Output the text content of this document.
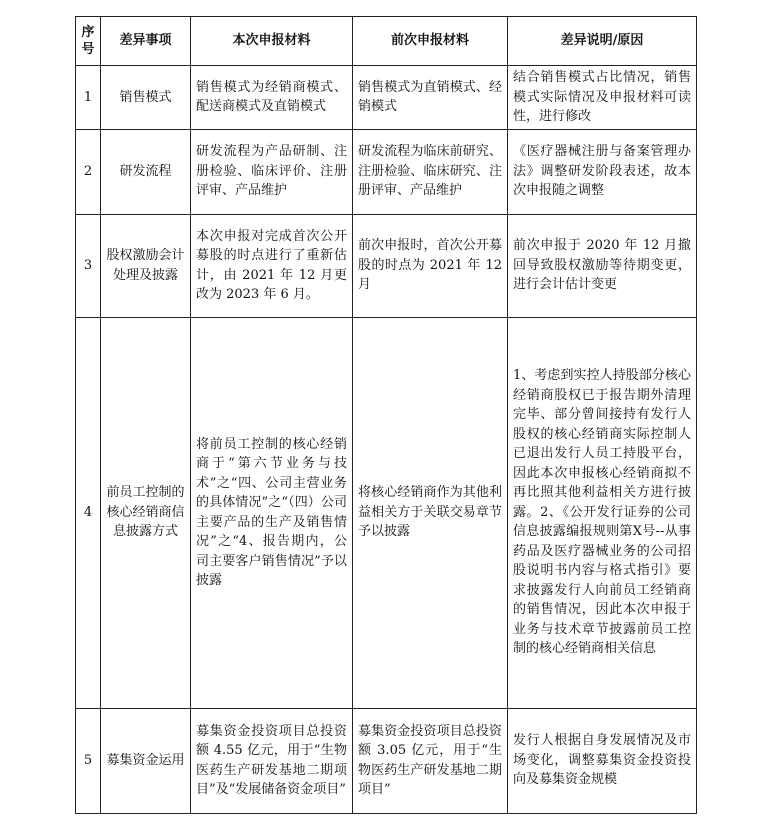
序号	差异事项	本次申报材料	前次申报材料	差异说明/原因
1	销售模式	销售模式为经销商模式、配送商模式及直销模式	销售模式为直销模式、经销模式	结合销售模式占比情况，销售模式实际情况及申报材料可读性，进行修改
2	研发流程	研发流程为产品研制、注册检验、临床评价、注册评审、产品维护	研发流程为临床前研究、注册检验、临床研究、注册评审、产品维护	《医疗器械注册与备案管理办法》调整研发阶段表述，故本次申报随之调整
3	股权激励会计处理及披露	本次申报对完成首次公开募股的时点进行了重新估计，由 2021 年 12 月更改为 2023 年 6 月。	前次申报时，首次公开募股的时点为 2021 年 12 月	前次申报于 2020 年 12 月撤回导致股权激励等待期变更，进行会计估计变更
4	前员工控制的核心经销商信息披露方式	将前员工控制的核心经销商于“第六节业务与技术”之“四、公司主营业务的具体情况”之“（四）公司主要产品的生产及销售情况”之“4、报告期内，公司主要客户销售情况”予以披露	将核心经销商作为其他利益相关方于关联交易章节予以披露	1、考虑到实控人持股部分核心经销商股权已于报告期外清理完毕、部分曾间接持有发行人股权的核心经销商实际控制人已退出发行人员工持股平台，因此本次申报核心经销商拟不再比照其他利益相关方进行披露。2、《公开发行证券的公司信息披露编报规则第X号--从事药品及医疗器械业务的公司招股说明书内容与格式指引》要求披露发行人向前员工经销商的销售情况，因此本次申报于业务与技术章节披露前员工控制的核心经销商相关信息
5	募集资金运用	募集资金投资项目总投资额 4.55 亿元，用于“生物医药生产研发基地二期项目”及“发展储备资金项目”	募集资金投资项目总投资额 3.05 亿元，用于“生物医药生产研发基地二期项目”	发行人根据自身发展情况及市场变化，调整募集资金投资投向及募集资金规模
